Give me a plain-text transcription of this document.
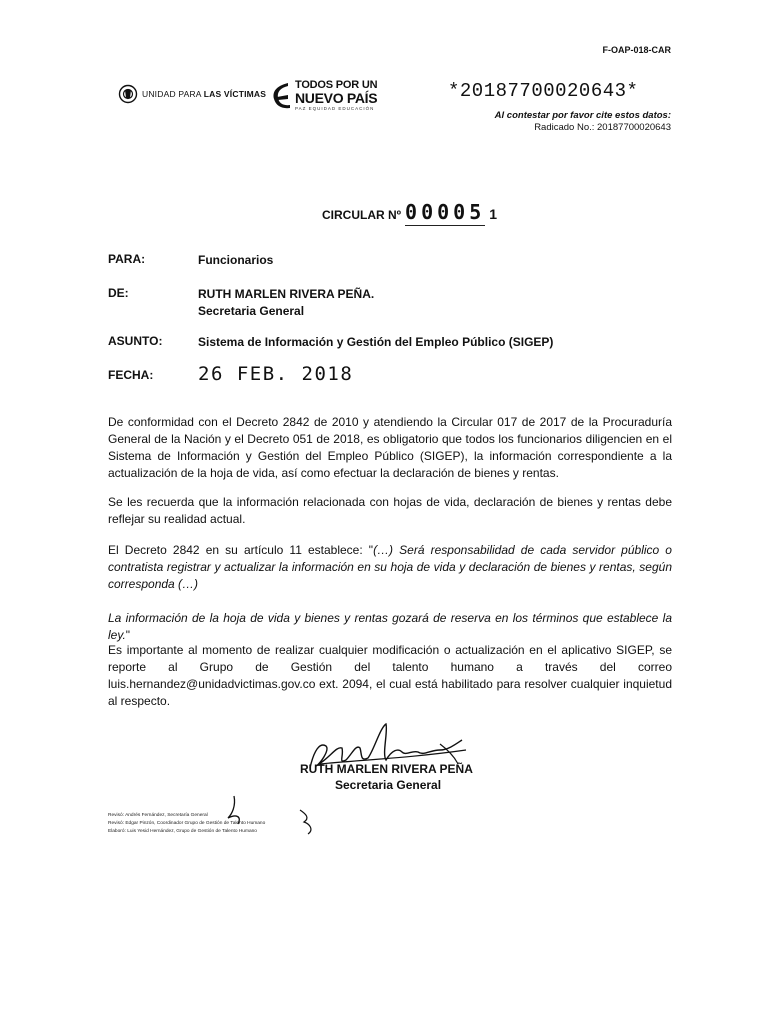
F-OAP-018-CAR
UNIDAD PARA LAS VÍCTIMAS
TODOS POR UN
NUEVO PAÍS
PAZ EQUIDAD EDUCACIÓN
*20187700020643*
Al contestar por favor cite estos datos:
Radicado No.: 20187700020643
CIRCULAR Nº 00005 1
PARA:	Funcionarios
DE:	RUTH MARLEN RIVERA PEÑA.
Secretaria General
ASUNTO:	Sistema de Información y Gestión del Empleo Público (SIGEP)
FECHA:	26 FEB. 2018
De conformidad con el Decreto 2842 de 2010 y atendiendo la Circular 017 de 2017 de la Procuraduría General de la Nación y el Decreto 051 de 2018, es obligatorio que todos los funcionarios diligencien en el Sistema de Información y Gestión del Empleo Público (SIGEP), la información correspondiente a la actualización de la hoja de vida, así como efectuar la declaración de bienes y rentas.
Se les recuerda que la información relacionada con hojas de vida, declaración de bienes y rentas debe reflejar su realidad actual.
El Decreto 2842 en su artículo 11 establece: "(…) Será responsabilidad de cada servidor público o contratista registrar y actualizar la información en su hoja de vida y declaración de bienes y rentas, según corresponda (…)
La información de la hoja de vida y bienes y rentas gozará de reserva en los términos que establece la ley."
Es importante al momento de realizar cualquier modificación o actualización en el aplicativo SIGEP, se reporte al Grupo de Gestión del talento humano a través del correo luis.hernandez@unidadvictimas.gov.co ext. 2094, el cual está habilitado para resolver cualquier inquietud al respecto.
RUTH MARLEN RIVERA PEÑA
Secretaria General
Revisó: Andrés Fernández, Secretaría General
Revisó: Edgar Pinzón, Coordinador Grupo de Gestión de Talento Humano
Elaboró: Luis Yesid Hernández, Grupo de Gestión de Talento Humano
